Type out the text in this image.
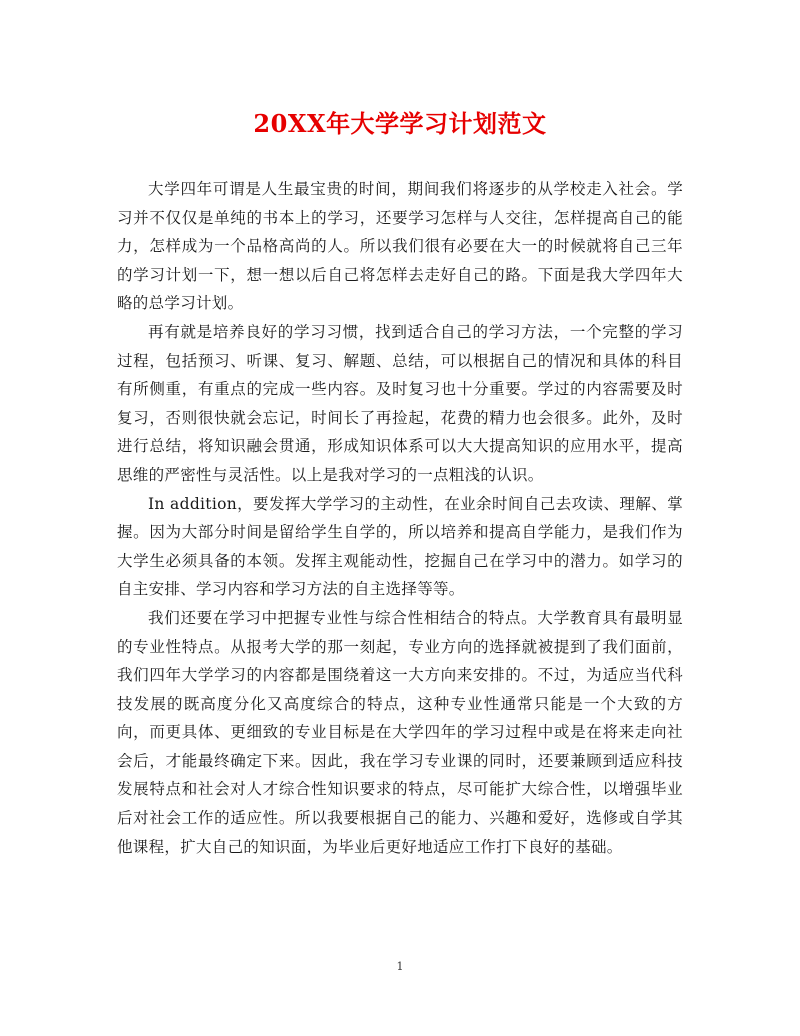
20XX年大学学习计划范文

大学四年可谓是人生最宝贵的时间，期间我们将逐步的从学校走入社会。学习并不仅仅是单纯的书本上的学习，还要学习怎样与人交往，怎样提高自己的能力，怎样成为一个品格高尚的人。所以我们很有必要在大一的时候就将自己三年的学习计划一下，想一想以后自己将怎样去走好自己的路。下面是我大学四年大略的总学习计划。

再有就是培养良好的学习习惯，找到适合自己的学习方法，一个完整的学习过程，包括预习、听课、复习、解题、总结，可以根据自己的情况和具体的科目有所侧重，有重点的完成一些内容。及时复习也十分重要。学过的内容需要及时复习，否则很快就会忘记，时间长了再捡起，花费的精力也会很多。此外，及时进行总结，将知识融会贯通，形成知识体系可以大大提高知识的应用水平，提高思维的严密性与灵活性。以上是我对学习的一点粗浅的认识。

In addition，要发挥大学学习的主动性，在业余时间自己去攻读、理解、掌握。因为大部分时间是留给学生自学的，所以培养和提高自学能力，是我们作为大学生必须具备的本领。发挥主观能动性，挖掘自己在学习中的潜力。如学习的自主安排、学习内容和学习方法的自主选择等等。

我们还要在学习中把握专业性与综合性相结合的特点。大学教育具有最明显的专业性特点。从报考大学的那一刻起，专业方向的选择就被提到了我们面前，我们四年大学学习的内容都是围绕着这一大方向来安排的。不过，为适应当代科技发展的既高度分化又高度综合的特点，这种专业性通常只能是一个大致的方向，而更具体、更细致的专业目标是在大学四年的学习过程中或是在将来走向社会后，才能最终确定下来。因此，我在学习专业课的同时，还要兼顾到适应科技发展特点和社会对人才综合性知识要求的特点，尽可能扩大综合性，以增强毕业后对社会工作的适应性。所以我要根据自己的能力、兴趣和爱好，选修或自学其他课程，扩大自己的知识面，为毕业后更好地适应工作打下良好的基础。

1
